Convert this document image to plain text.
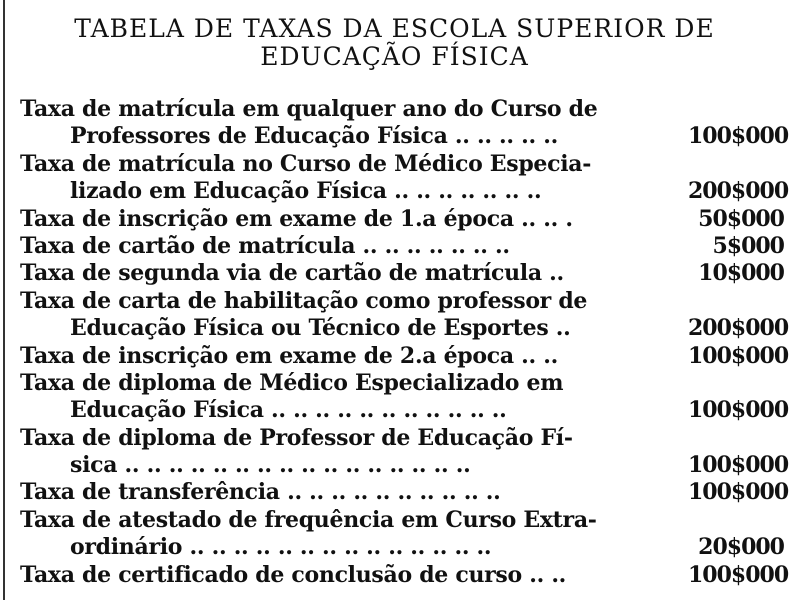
TABELA DE TAXAS DA ESCOLA SUPERIOR DE
EDUCAÇÃO FÍSICA
Taxa de matrícula em qualquer ano do Curso de
Professores de Educação Física .. .. .. .. ..	100$000
Taxa de matrícula no Curso de Médico Especia-
lizado em Educação Física .. .. .. .. .. .. ..	200$000
Taxa de inscrição em exame de 1.a época .. .. .	50$000
Taxa de cartão de matrícula .. .. .. .. .. .. ..	5$000
Taxa de segunda via de cartão de matrícula ..	10$000
Taxa de carta de habilitação como professor de
Educação Física ou Técnico de Esportes ..	200$000
Taxa de inscrição em exame de 2.a época .. ..	100$000
Taxa de diploma de Médico Especializado em
Educação Física .. .. .. .. .. .. .. .. .. .. ..	100$000
Taxa de diploma de Professor de Educação Fí-
sica .. .. .. .. .. .. .. .. .. .. .. .. .. .. .. ..	100$000
Taxa de transferência .. .. .. .. .. .. .. .. .. ..	100$000
Taxa de atestado de frequência em Curso Extra-
ordinário .. .. .. .. .. .. .. .. .. .. .. .. .. ..	20$000
Taxa de certificado de conclusão de curso .. ..	100$000
